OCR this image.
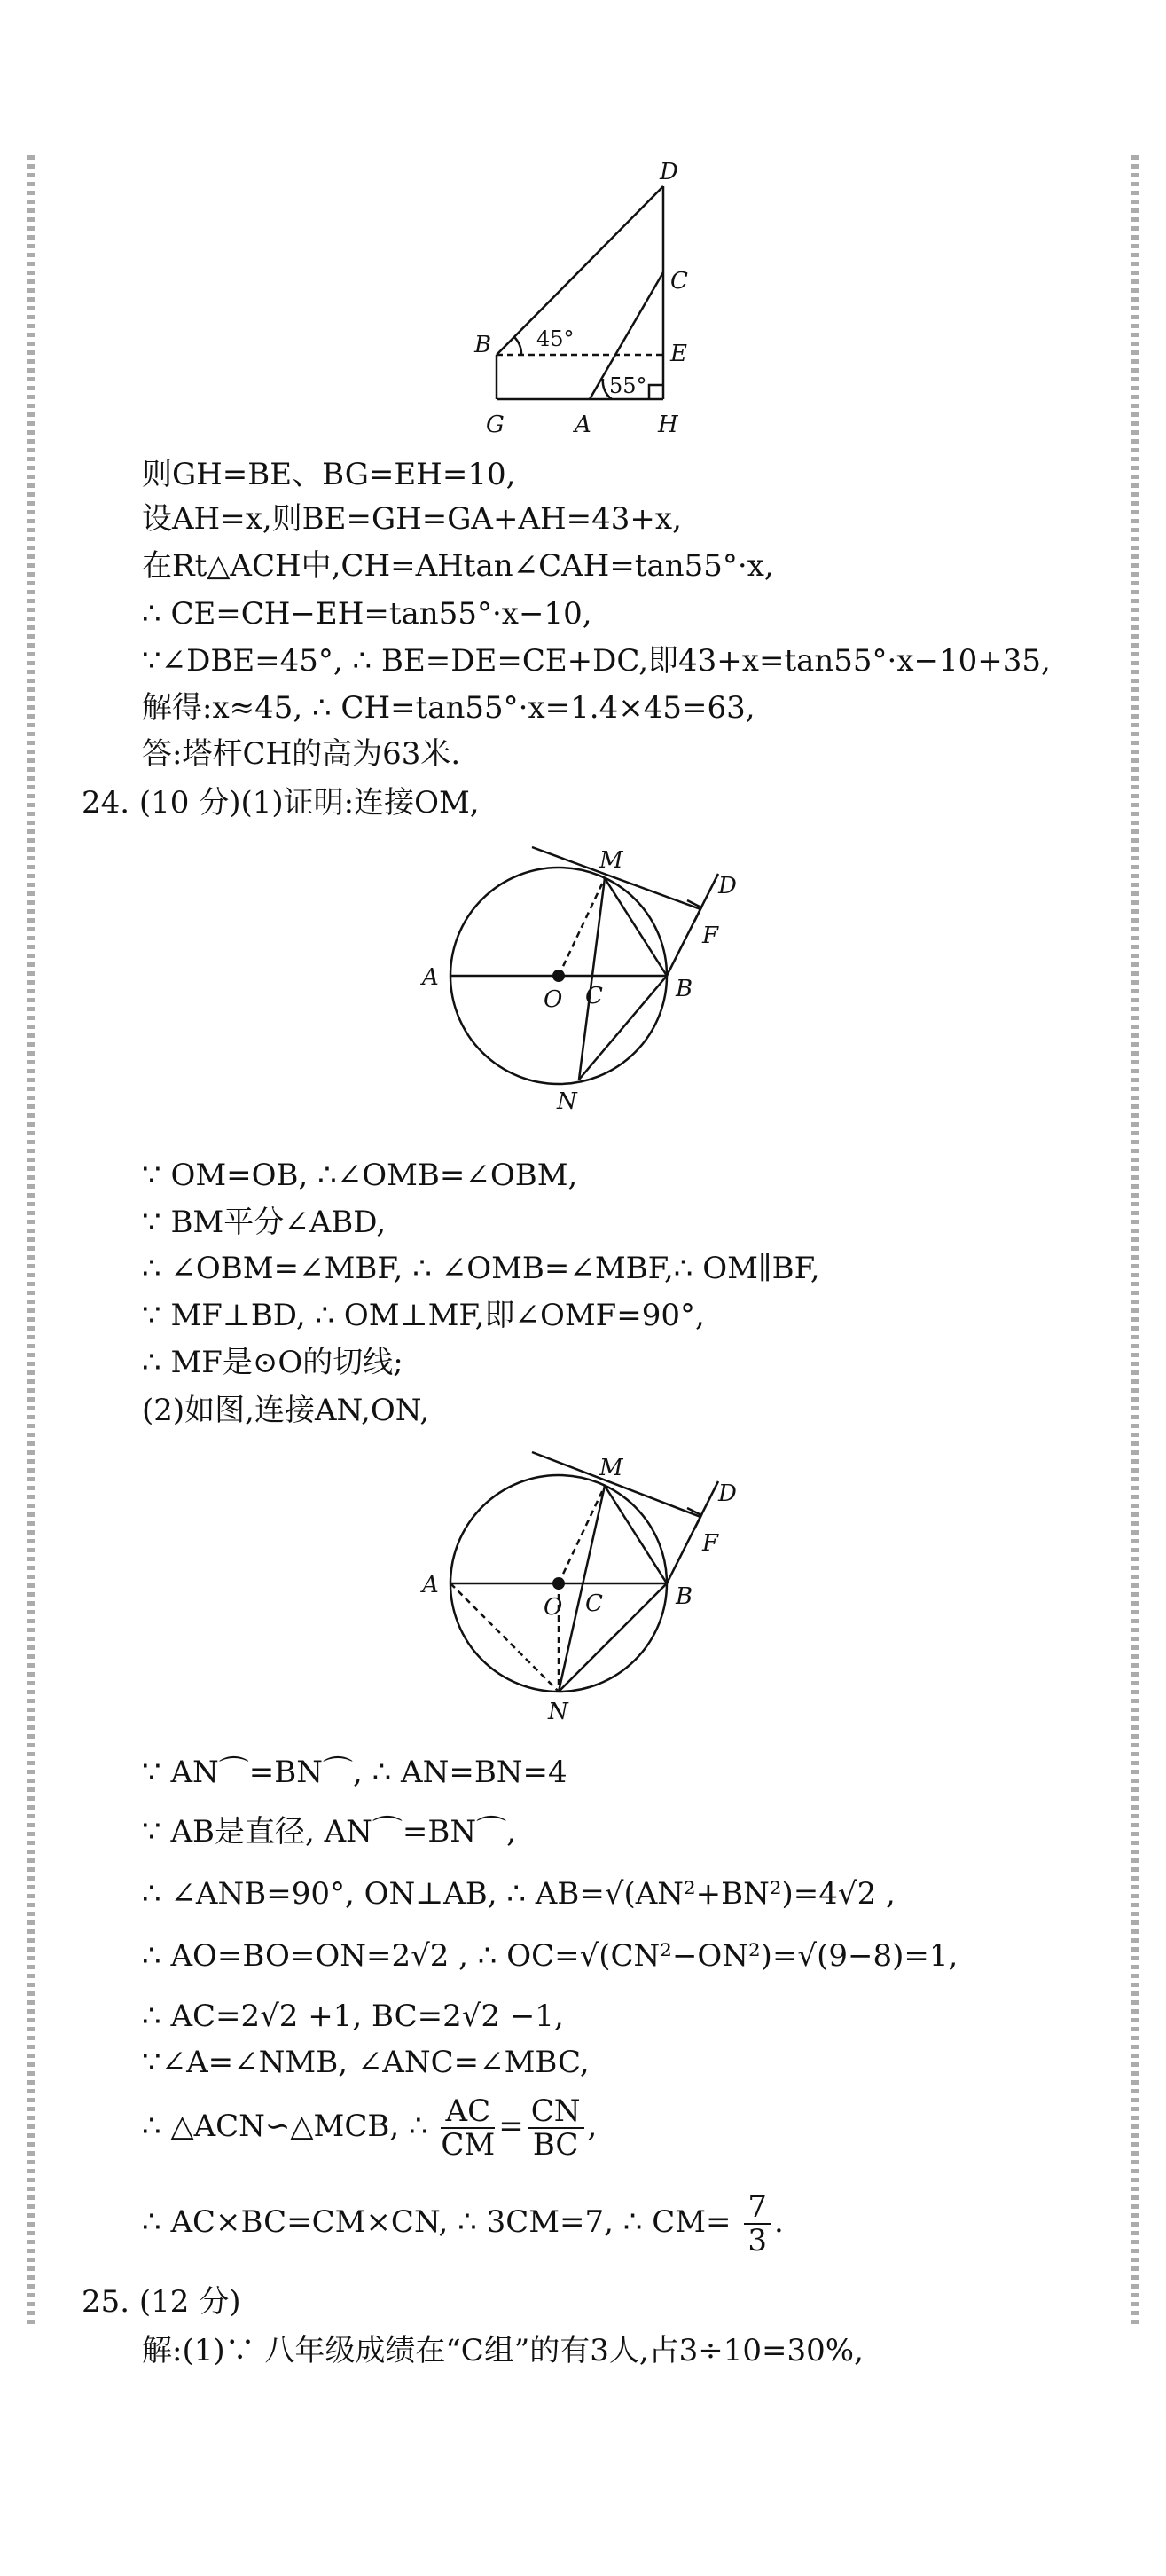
D
C
B	E
G	A	H
45°
55°
则GH=BE、BG=EH=10,
设AH=x,则BE=GH=GA+AH=43+x,
在Rt△ACH中,CH=AHtan∠CAH=tan55°·x,
∴ CE=CH−EH=tan55°·x−10,
∵∠DBE=45°, ∴ BE=DE=CE+DC,即43+x=tan55°·x−10+35,
解得:x≈45, ∴ CH=tan55°·x=1.4×45=63,
答:塔杆CH的高为63米.
24. (10 分)(1)证明:连接OM,
M
D
F
A
O C	B
N
∵ OM=OB, ∴∠OMB=∠OBM,
∵ BM平分∠ABD,
∴ ∠OBM=∠MBF, ∴ ∠OMB=∠MBF,∴ OM∥BF,
∵ MF⊥BD, ∴ OM⊥MF,即∠OMF=90°,
∴ MF是⊙O的切线;
(2)如图,连接AN,ON,
M
D
F
A
O C	B
N
∵ AN⌒=BN⌒, ∴ AN=BN=4
∵ AB是直径, AN⌒=BN⌒,
∴ ∠ANB=90°, ON⊥AB, ∴ AB=√(AN²+BN²)=4√2 ,
∴ AO=BO=ON=2√2 , ∴ OC=√(CN²−ON²)=√(9−8)=1,
∴ AC=2√2 +1, BC=2√2 −1,
∵∠A=∠NMB, ∠ANC=∠MBC,
∴ △ACN∽△MCB, ∴ $\frac{AC}{CM} = \frac{CN}{BC}$ ,
∴ AC×BC=CM×CN, ∴ 3CM=7, ∴ $CM= \frac{7}{3}$ .
25. (12 分)
解:(1)∵ 八年级成绩在“C组”的有3人,占3÷10=30%,
